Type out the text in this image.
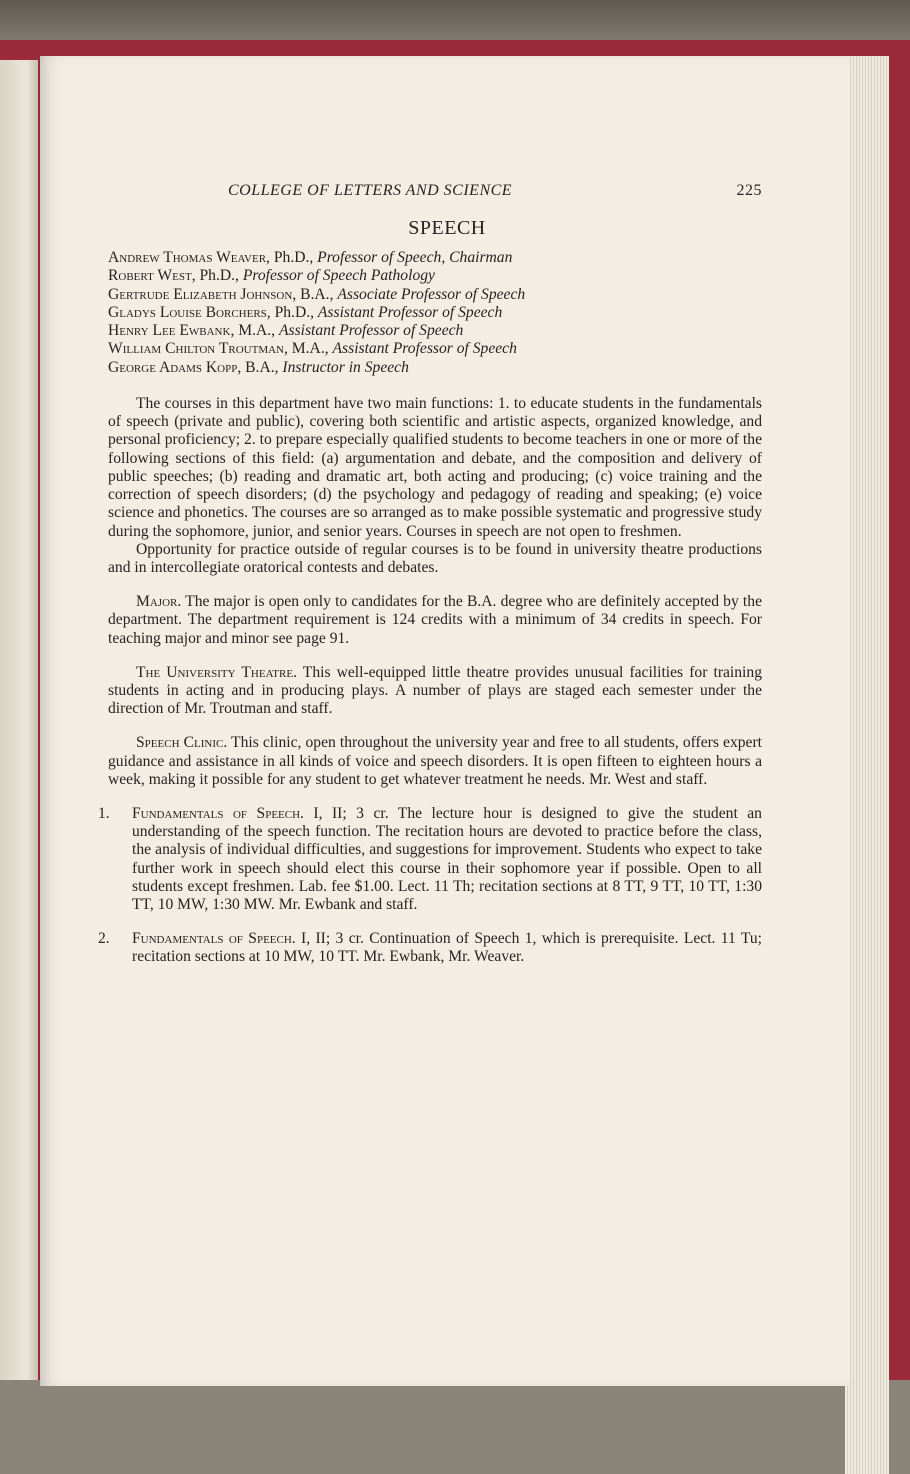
COLLEGE OF LETTERS AND SCIENCE	225
SPEECH
Andrew Thomas Weaver, Ph.D., Professor of Speech, Chairman
Robert West, Ph.D., Professor of Speech Pathology
Gertrude Elizabeth Johnson, B.A., Associate Professor of Speech
Gladys Louise Borchers, Ph.D., Assistant Professor of Speech
Henry Lee Ewbank, M.A., Assistant Professor of Speech
William Chilton Troutman, M.A., Assistant Professor of Speech
George Adams Kopp, B.A., Instructor in Speech

The courses in this department have two main functions: 1. to educate students in the fundamentals of speech (private and public), covering both scientific and artistic aspects, organized knowledge, and personal proficiency; 2. to prepare especially qualified students to become teachers in one or more of the following sections of this field: (a) argumentation and debate, and the composition and delivery of public speeches; (b) reading and dramatic art, both acting and producing; (c) voice training and the correction of speech disorders; (d) the psychology and pedagogy of reading and speaking; (e) voice science and phonetics. The courses are so arranged as to make possible systematic and progressive study during the sophomore, junior, and senior years. Courses in speech are not open to freshmen.

Opportunity for practice outside of regular courses is to be found in university theatre productions and in intercollegiate oratorical contests and debates.

Major. The major is open only to candidates for the B.A. degree who are definitely accepted by the department. The department requirement is 124 credits with a minimum of 34 credits in speech. For teaching major and minor see page 91.

The University Theatre. This well-equipped little theatre provides unusual facilities for training students in acting and in producing plays. A number of plays are staged each semester under the direction of Mr. Troutman and staff.

Speech Clinic. This clinic, open throughout the university year and free to all students, offers expert guidance and assistance in all kinds of voice and speech disorders. It is open fifteen to eighteen hours a week, making it possible for any student to get whatever treatment he needs. Mr. West and staff.

1. Fundamentals of Speech. I, II; 3 cr. The lecture hour is designed to give the student an understanding of the speech function. The recitation hours are devoted to practice before the class, the analysis of individual difficulties, and suggestions for improvement. Students who expect to take further work in speech should elect this course in their sophomore year if possible. Open to all students except freshmen. Lab. fee $1.00. Lect. 11 Th; recitation sections at 8 TT, 9 TT, 10 TT, 1:30 TT, 10 MW, 1:30 MW. Mr. Ewbank and staff.
2. Fundamentals of Speech. I, II; 3 cr. Continuation of Speech 1, which is prerequisite. Lect. 11 Tu; recitation sections at 10 MW, 10 TT. Mr. Ewbank, Mr. Weaver.
